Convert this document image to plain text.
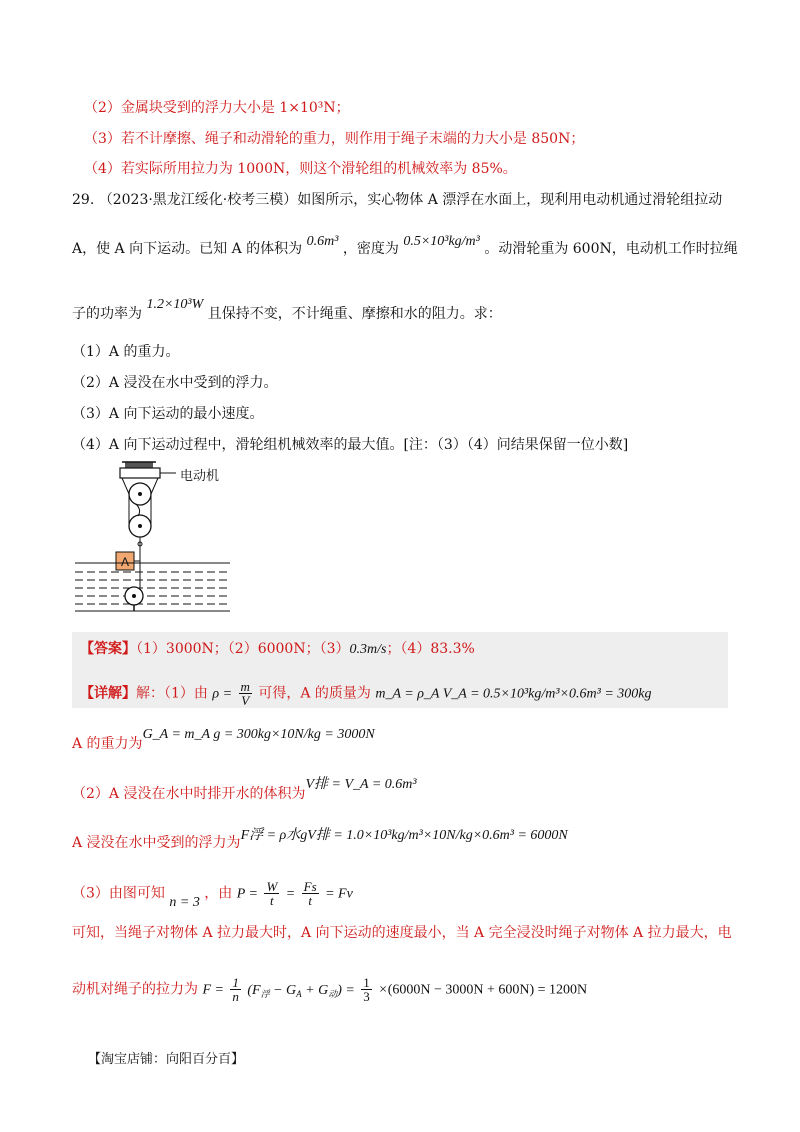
（2）金属块受到的浮力大小是 1×10³N；
（3）若不计摩擦、绳子和动滑轮的重力，则作用于绳子末端的力大小是 850N；
（4）若实际所用拉力为 1000N，则这个滑轮组的机械效率为 85%。
29. （2023·黑龙江绥化·校考三模）如图所示，实心物体 A 漂浮在水面上，现利用电动机通过滑轮组拉动
A，使 A 向下运动。已知 A 的体积为 0.6m³ ，密度为 0.5×10³kg/m³ 。动滑轮重为 600N，电动机工作时拉绳
子的功率为 1.2×10³W 且保持不变，不计绳重、摩擦和水的阻力。求：
（1）A 的重力。
（2）A 浸没在水中受到的浮力。
（3）A 向下运动的最小速度。
（4）A 向下运动过程中，滑轮组机械效率的最大值。[注：（3）（4）问结果保留一位小数]
A
电动机
【答案】（1）3000N；（2）6000N；（3）0.3m/s；（4）83.3%
【详解】解：（1）由 $\rho = \frac{m}{V}$ 可得，A 的质量为 m_A = ρ_A V_A = 0.5×10³kg/m³×0.6m³ = 300kg
A 的重力为G_A = m_A g = 300kg×10N/kg = 3000N
（2）A 浸没在水中时排开水的体积为V排 = V_A = 0.6m³
A 浸没在水中受到的浮力为F浮 = ρ水gV排 = 1.0×10³kg/m³×10N/kg×0.6m³ = 6000N
（3）由图可知 n = 3 ，由 $P = \frac{W}{t} = \frac{Fs}{t} = Fv$
可知，当绳子对物体 A 拉力最大时，A 向下运动的速度最小，当 A 完全浸没时绳子对物体 A 拉力最大，电
动机对绳子的拉力为 $F = \frac{1}{n} (F_浮 - G_A + G_动) = \frac{1}{3} \times(6000N - 3000N + 600N) = 1200N$
【淘宝店铺：向阳百分百】
